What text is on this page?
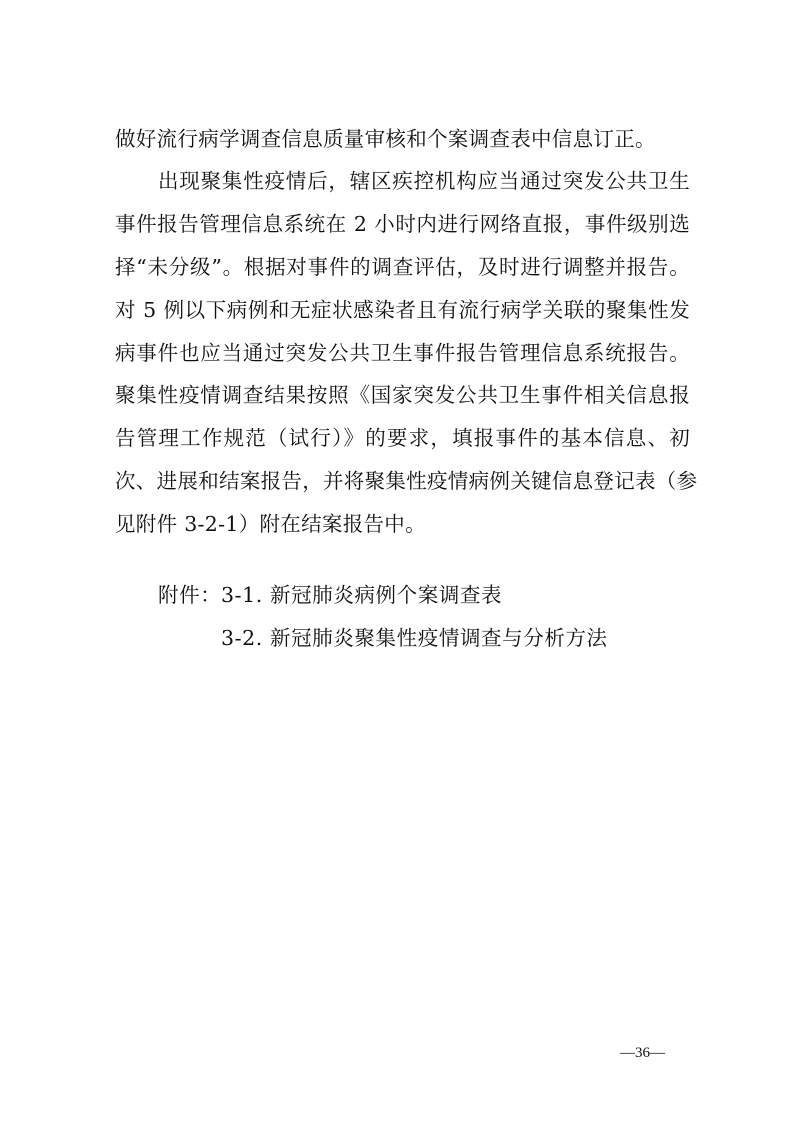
做好流行病学调查信息质量审核和个案调查表中信息订正。
出现聚集性疫情后，辖区疾控机构应当通过突发公共卫生
事件报告管理信息系统在 2 小时内进行网络直报，事件级别选
择“未分级”。根据对事件的调查评估，及时进行调整并报告。
对 5 例以下病例和无症状感染者且有流行病学关联的聚集性发
病事件也应当通过突发公共卫生事件报告管理信息系统报告。
聚集性疫情调查结果按照《国家突发公共卫生事件相关信息报
告管理工作规范（试行）》的要求，填报事件的基本信息、初
次、进展和结案报告，并将聚集性疫情病例关键信息登记表（参
见附件 3-2-1）附在结案报告中。
附件： 3-1. 新冠肺炎病例个案调查表
3-2. 新冠肺炎聚集性疫情调查与分析方法
—36—
